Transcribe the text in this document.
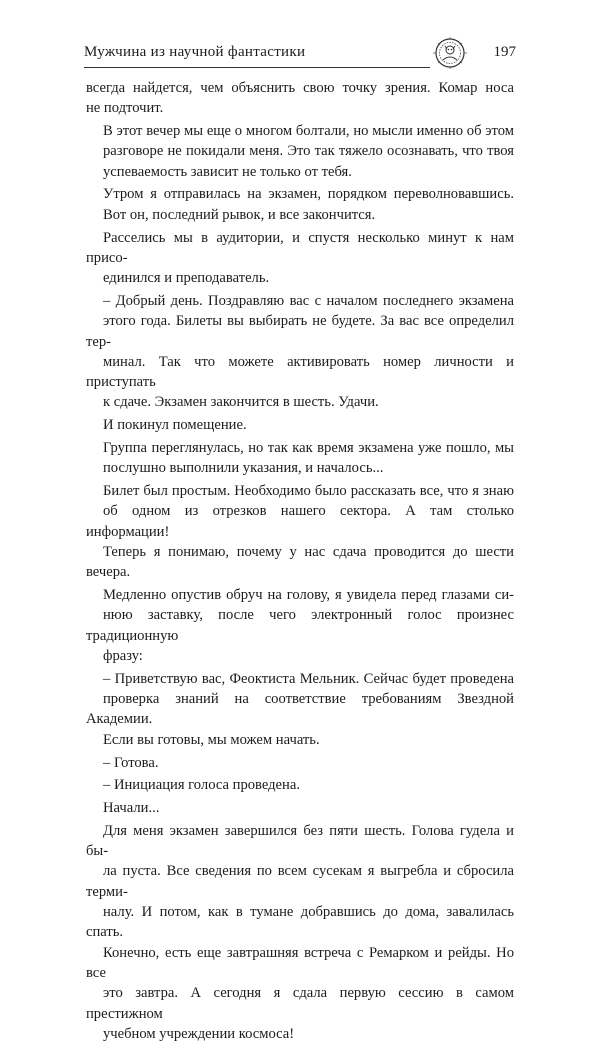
Мужчина из научной фантастики	197

всегда найдется, чем объяснить свою точку зрения. Комар носа
не подточит.

В этот вечер мы еще о многом болтали, но мысли именно об этом
разговоре не покидали меня. Это так тяжело осознавать, что твоя
успеваемость зависит не только от тебя.

Утром я отправилась на экзамен, порядком переволновавшись.
Вот он, последний рывок, и все закончится.

Расселись мы в аудитории, и спустя несколько минут к нам присо-
единился и преподаватель.

– Добрый день. Поздравляю вас с началом последнего экзамена
этого года. Билеты вы выбирать не будете. За вас все определил тер-
минал. Так что можете активировать номер личности и приступать
к сдаче. Экзамен закончится в шесть. Удачи.

И покинул помещение.

Группа переглянулась, но так как время экзамена уже пошло, мы
послушно выполнили указания, и началось...

Билет был простым. Необходимо было рассказать все, что я знаю
об одном из отрезков нашего сектора. А там столько информации!
Теперь я понимаю, почему у нас сдача проводится до шести вечера.

Медленно опустив обруч на голову, я увидела перед глазами си-
нюю заставку, после чего электронный голос произнес традиционную
фразу:

– Приветствую вас, Феоктиста Мельник. Сейчас будет проведена
проверка знаний на соответствие требованиям Звездной Академии.
Если вы готовы, мы можем начать.

– Готова.

– Инициация голоса проведена.

Начали...

Для меня экзамен завершился без пяти шесть. Голова гудела и бы-
ла пуста. Все сведения по всем сусекам я выгребла и сбросила терми-
налу. И потом, как в тумане добравшись до дома, завалилась спать.
Конечно, есть еще завтрашняя встреча с Ремарком и рейды. Но все
это завтра. А сегодня я сдала первую сессию в самом престижном
учебном учреждении космоса!
